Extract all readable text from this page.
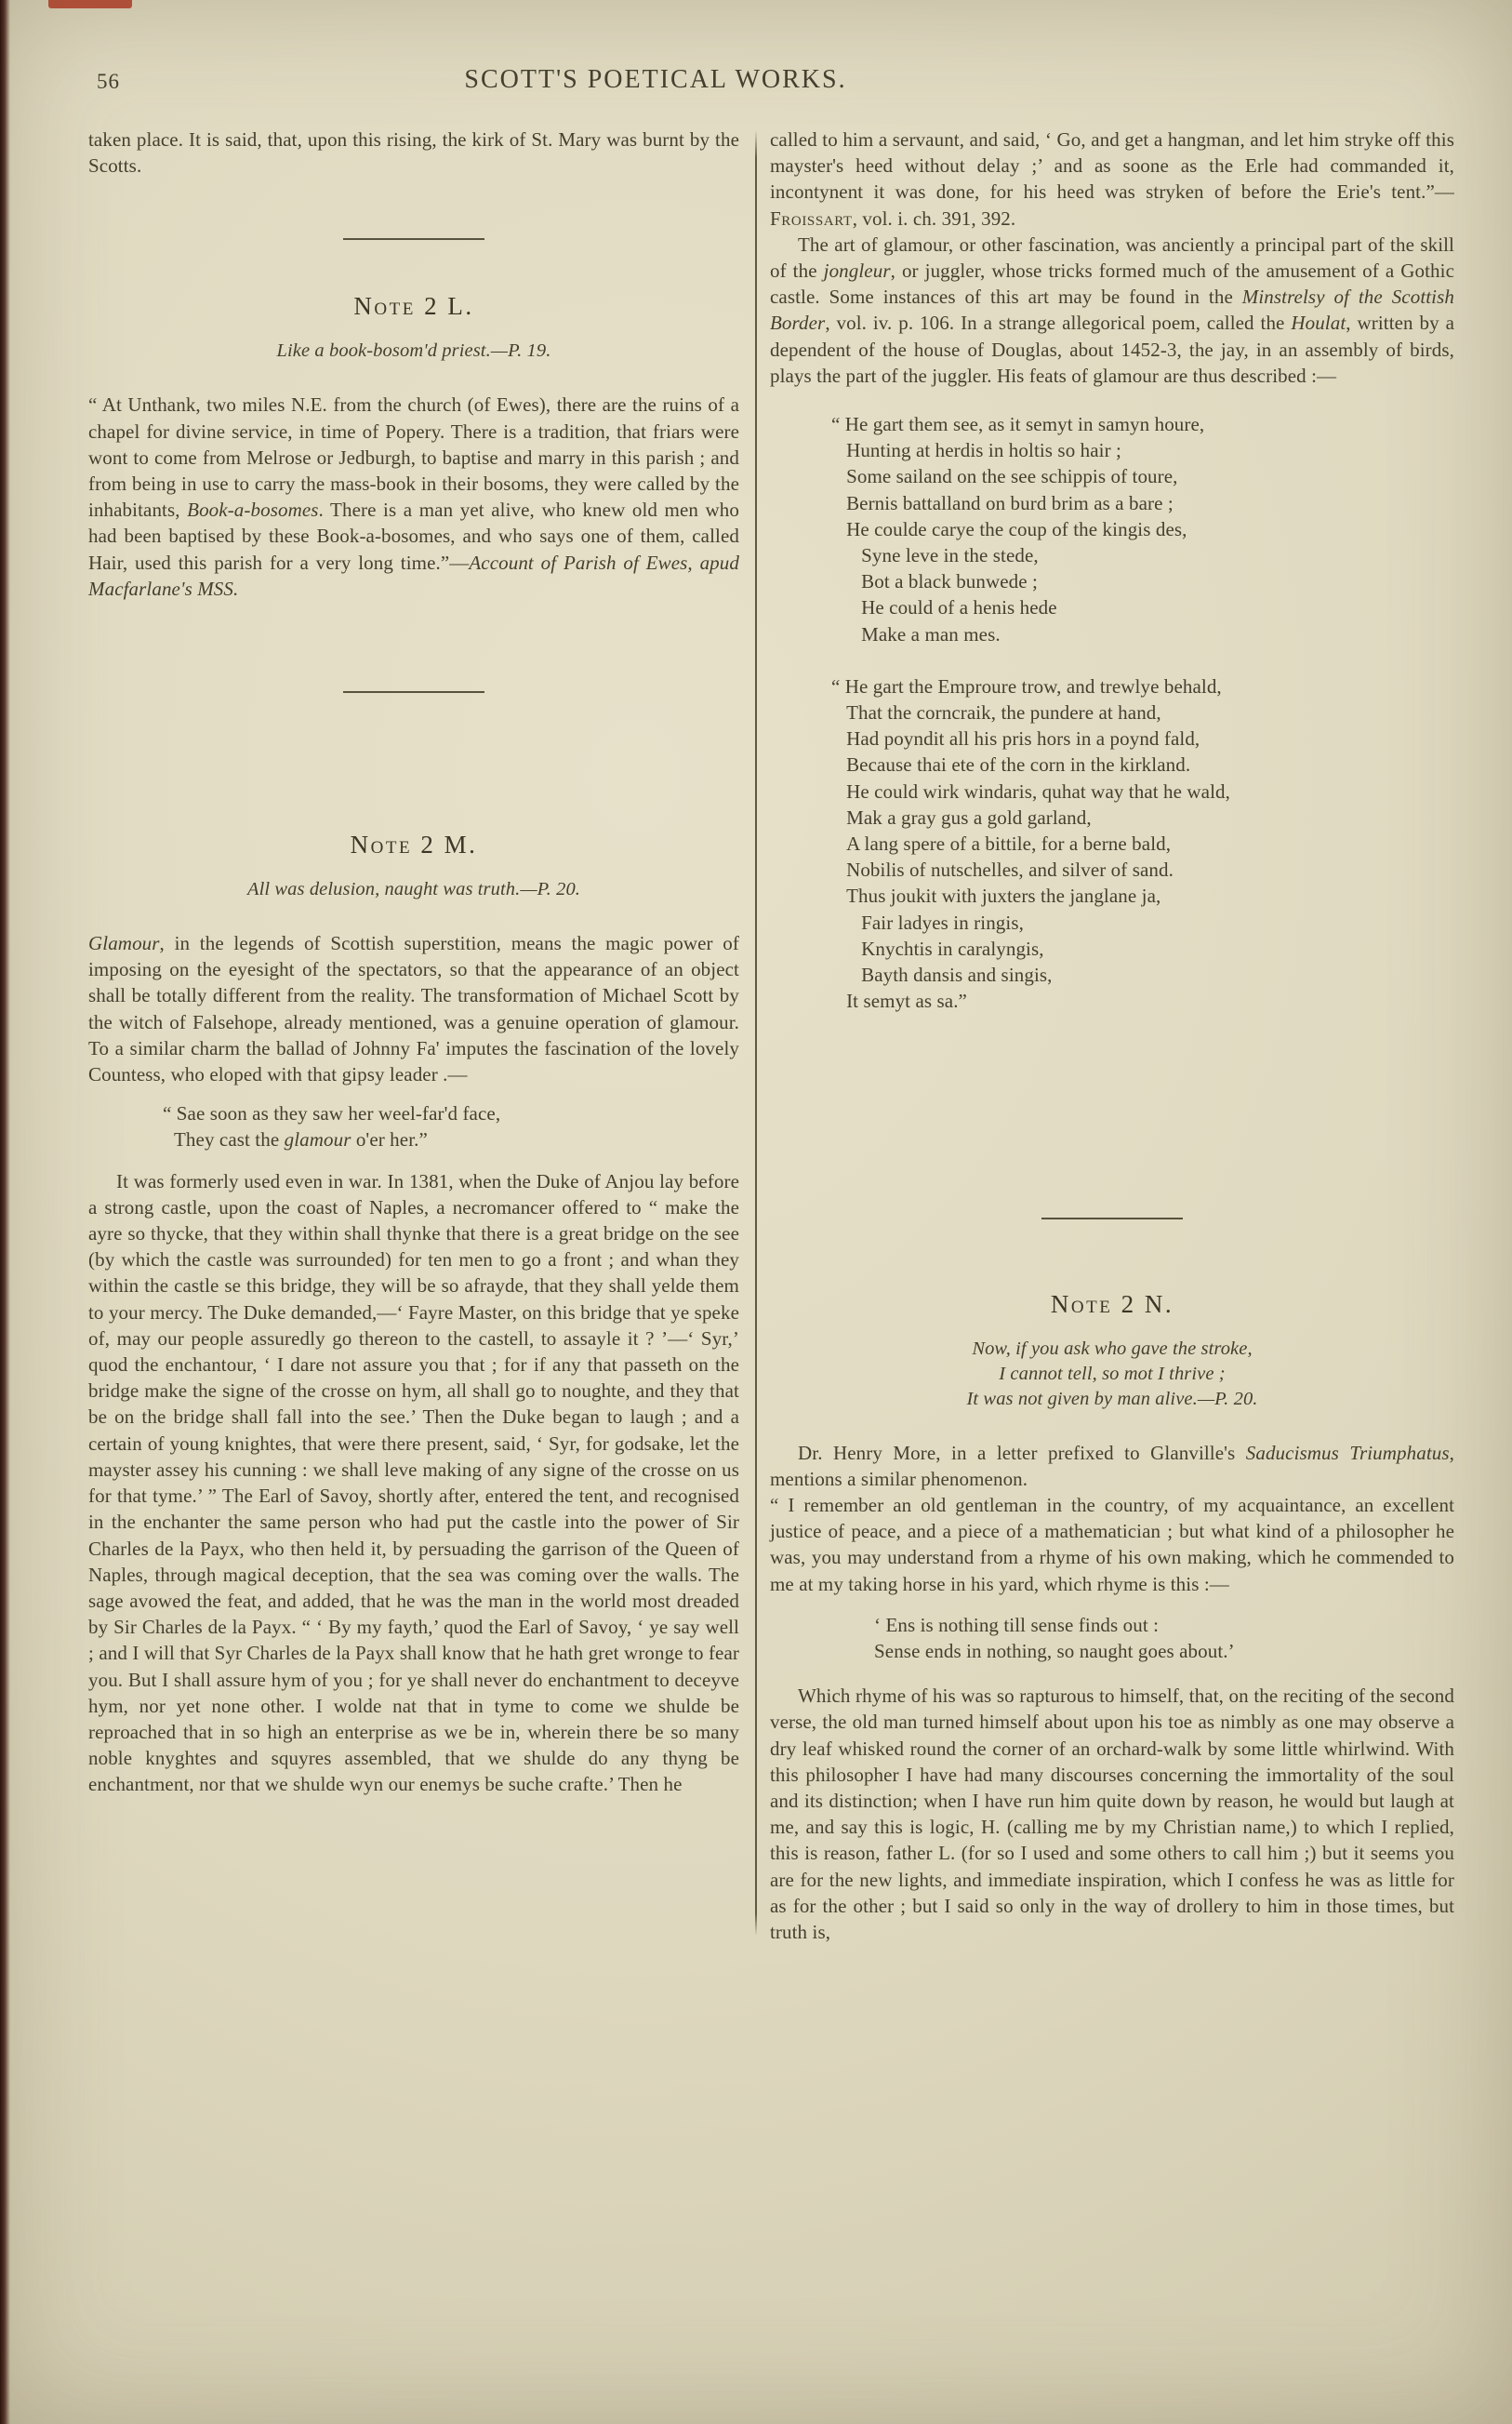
56	SCOTT'S POETICAL WORKS.

taken place. It is said, that, upon this rising, the kirk of St. Mary was burnt by the Scotts.

Note 2 L.
Like a book-bosom'd priest.—P. 19.

“ At Unthank, two miles N.E. from the church (of Ewes), there are the ruins of a chapel for divine service, in time of Popery. There is a tradition, that friars were wont to come from Melrose or Jedburgh, to baptise and marry in this parish ; and from being in use to carry the mass-book in their bosoms, they were called by the inhabitants, Book-a-bosomes. There is a man yet alive, who knew old men who had been baptised by these Book-a-bosomes, and who says one of them, called Hair, used this parish for a very long time.”—Account of Parish of Ewes, apud Macfarlane's MSS.

Note 2 M.
All was delusion, naught was truth.—P. 20.

Glamour, in the legends of Scottish superstition, means the magic power of imposing on the eyesight of the spectators, so that the appearance of an object shall be totally different from the reality. The transformation of Michael Scott by the witch of Falsehope, already mentioned, was a genuine operation of glamour. To a similar charm the ballad of Johnny Fa' imputes the fascination of the lovely Countess, who eloped with that gipsy leader .—

“ Sae soon as they saw her weel-far'd face,
They cast the glamour o'er her.”

It was formerly used even in war. In 1381, when the Duke of Anjou lay before a strong castle, upon the coast of Naples, a necromancer offered to “ make the ayre so thycke, that they within shall thynke that there is a great bridge on the see (by which the castle was surrounded) for ten men to go a front ; and whan they within the castle se this bridge, they will be so afrayde, that they shall yelde them to your mercy. The Duke demanded,—‘ Fayre Master, on this bridge that ye speke of, may our people assuredly go thereon to the castell, to assayle it ? ’—‘ Syr,’ quod the enchantour, ‘ I dare not assure you that ; for if any that passeth on the bridge make the signe of the crosse on hym, all shall go to noughte, and they that be on the bridge shall fall into the see.’ Then the Duke began to laugh ; and a certain of young knightes, that were there present, said, ‘ Syr, for godsake, let the mayster assey his cunning : we shall leve making of any signe of the crosse on us for that tyme.’ ” The Earl of Savoy, shortly after, entered the tent, and recognised in the enchanter the same person who had put the castle into the power of Sir Charles de la Payx, who then held it, by persuading the garrison of the Queen of Naples, through magical deception, that the sea was coming over the walls. The sage avowed the feat, and added, that he was the man in the world most dreaded by Sir Charles de la Payx. “ ‘ By my fayth,’ quod the Earl of Savoy, ‘ ye say well ; and I will that Syr Charles de la Payx shall know that he hath gret wronge to fear you. But I shall assure hym of you ; for ye shall never do enchantment to deceyve hym, nor yet none other. I wolde nat that in tyme to come we shulde be reproached that in so high an enterprise as we be in, wherein there be so many noble knyghtes and squyres assembled, that we shulde do any thyng be enchantment, nor that we shulde wyn our enemys be suche crafte.’ Then he

called to him a servaunt, and said, ‘ Go, and get a hangman, and let him stryke off this mayster's heed without delay ;’ and as soone as the Erle had commanded it, incontynent it was done, for his heed was stryken of before the Erie's tent.”—Froissart, vol. i. ch. 391, 392.

The art of glamour, or other fascination, was anciently a principal part of the skill of the jongleur, or juggler, whose tricks formed much of the amusement of a Gothic castle. Some instances of this art may be found in the Minstrelsy of the Scottish Border, vol. iv. p. 106. In a strange allegorical poem, called the Houlat, written by a dependent of the house of Douglas, about 1452-3, the jay, in an assembly of birds, plays the part of the juggler. His feats of glamour are thus described :—

“ He gart them see, as it semyt in samyn houre,
Hunting at herdis in holtis so hair ;
Some sailand on the see schippis of toure,
Bernis battalland on burd brim as a bare ;
He coulde carye the coup of the kingis des,
Syne leve in the stede,
Bot a black bunwede ;
He could of a henis hede
Make a man mes.
“ He gart the Emproure trow, and trewlye behald,
That the corncraik, the pundere at hand,
Had poyndit all his pris hors in a poynd fald,
Because thai ete of the corn in the kirkland.
He could wirk windaris, quhat way that he wald,
Mak a gray gus a gold garland,
A lang spere of a bittile, for a berne bald,
Nobilis of nutschelles, and silver of sand.
Thus joukit with juxters the janglane ja,
Fair ladyes in ringis,
Knychtis in caralyngis,
Bayth dansis and singis,
It semyt as sa.”
Note 2 N.
Now, if you ask who gave the stroke,
I cannot tell, so mot I thrive ;
It was not given by man alive.—P. 20.

Dr. Henry More, in a letter prefixed to Glanville's Saducismus Triumphatus, mentions a similar phenomenon.

“ I remember an old gentleman in the country, of my acquaintance, an excellent justice of peace, and a piece of a mathematician ; but what kind of a philosopher he was, you may understand from a rhyme of his own making, which he commended to me at my taking horse in his yard, which rhyme is this :—

‘ Ens is nothing till sense finds out :
Sense ends in nothing, so naught goes about.’

Which rhyme of his was so rapturous to himself, that, on the reciting of the second verse, the old man turned himself about upon his toe as nimbly as one may observe a dry leaf whisked round the corner of an orchard-walk by some little whirlwind. With this philosopher I have had many discourses concerning the immortality of the soul and its distinction; when I have run him quite down by reason, he would but laugh at me, and say this is logic, H. (calling me by my Christian name,) to which I replied, this is reason, father L. (for so I used and some others to call him ;) but it seems you are for the new lights, and immediate inspiration, which I confess he was as little for as for the other ; but I said so only in the way of drollery to him in those times, but truth is,
